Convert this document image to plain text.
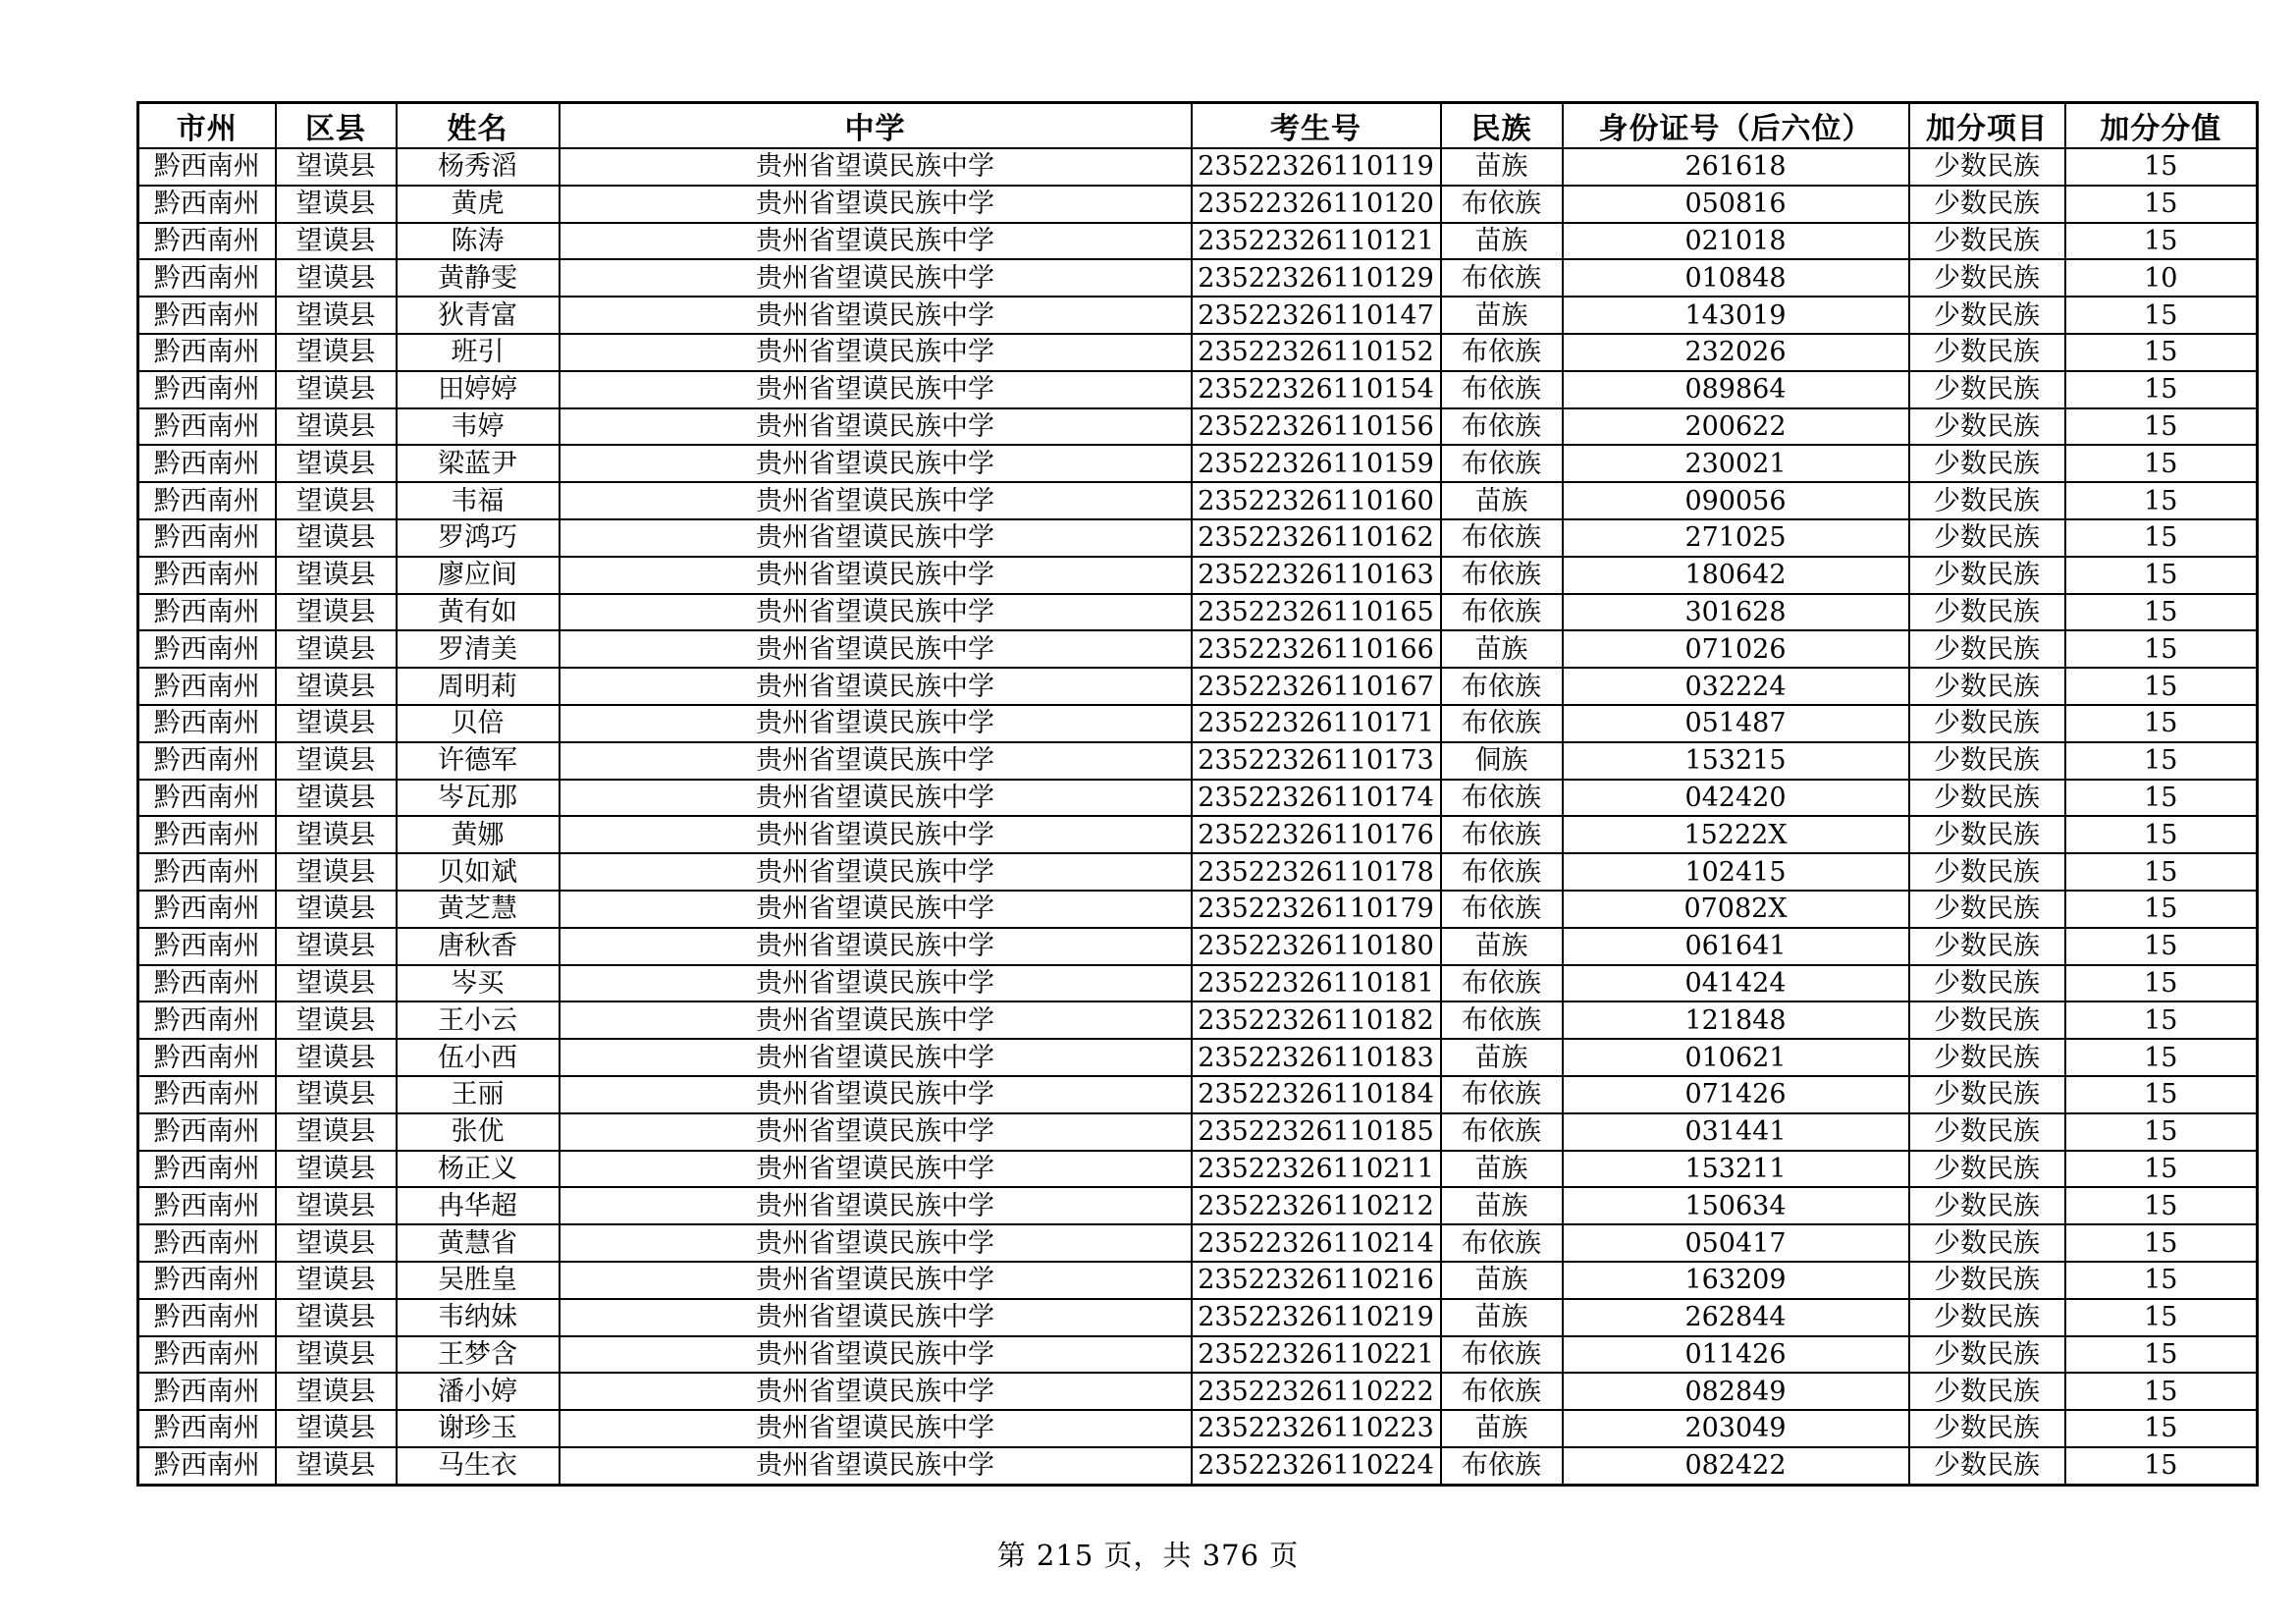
市州	区县	姓名	中学	考生号	民族	身份证号（后六位）	加分项目	加分分值
黔西南州	望谟县	杨秀滔	贵州省望谟民族中学	23522326110119	苗族	261618	少数民族	15
黔西南州	望谟县	黄虎	贵州省望谟民族中学	23522326110120	布依族	050816	少数民族	15
黔西南州	望谟县	陈涛	贵州省望谟民族中学	23522326110121	苗族	021018	少数民族	15
黔西南州	望谟县	黄静雯	贵州省望谟民族中学	23522326110129	布依族	010848	少数民族	10
黔西南州	望谟县	狄青富	贵州省望谟民族中学	23522326110147	苗族	143019	少数民族	15
黔西南州	望谟县	班引	贵州省望谟民族中学	23522326110152	布依族	232026	少数民族	15
黔西南州	望谟县	田婷婷	贵州省望谟民族中学	23522326110154	布依族	089864	少数民族	15
黔西南州	望谟县	韦婷	贵州省望谟民族中学	23522326110156	布依族	200622	少数民族	15
黔西南州	望谟县	梁蓝尹	贵州省望谟民族中学	23522326110159	布依族	230021	少数民族	15
黔西南州	望谟县	韦福	贵州省望谟民族中学	23522326110160	苗族	090056	少数民族	15
黔西南州	望谟县	罗鸿巧	贵州省望谟民族中学	23522326110162	布依族	271025	少数民族	15
黔西南州	望谟县	廖应间	贵州省望谟民族中学	23522326110163	布依族	180642	少数民族	15
黔西南州	望谟县	黄有如	贵州省望谟民族中学	23522326110165	布依族	301628	少数民族	15
黔西南州	望谟县	罗清美	贵州省望谟民族中学	23522326110166	苗族	071026	少数民族	15
黔西南州	望谟县	周明莉	贵州省望谟民族中学	23522326110167	布依族	032224	少数民族	15
黔西南州	望谟县	贝倍	贵州省望谟民族中学	23522326110171	布依族	051487	少数民族	15
黔西南州	望谟县	许德军	贵州省望谟民族中学	23522326110173	侗族	153215	少数民族	15
黔西南州	望谟县	岑瓦那	贵州省望谟民族中学	23522326110174	布依族	042420	少数民族	15
黔西南州	望谟县	黄娜	贵州省望谟民族中学	23522326110176	布依族	15222X	少数民族	15
黔西南州	望谟县	贝如斌	贵州省望谟民族中学	23522326110178	布依族	102415	少数民族	15
黔西南州	望谟县	黄芝慧	贵州省望谟民族中学	23522326110179	布依族	07082X	少数民族	15
黔西南州	望谟县	唐秋香	贵州省望谟民族中学	23522326110180	苗族	061641	少数民族	15
黔西南州	望谟县	岑买	贵州省望谟民族中学	23522326110181	布依族	041424	少数民族	15
黔西南州	望谟县	王小云	贵州省望谟民族中学	23522326110182	布依族	121848	少数民族	15
黔西南州	望谟县	伍小西	贵州省望谟民族中学	23522326110183	苗族	010621	少数民族	15
黔西南州	望谟县	王丽	贵州省望谟民族中学	23522326110184	布依族	071426	少数民族	15
黔西南州	望谟县	张优	贵州省望谟民族中学	23522326110185	布依族	031441	少数民族	15
黔西南州	望谟县	杨正义	贵州省望谟民族中学	23522326110211	苗族	153211	少数民族	15
黔西南州	望谟县	冉华超	贵州省望谟民族中学	23522326110212	苗族	150634	少数民族	15
黔西南州	望谟县	黄慧省	贵州省望谟民族中学	23522326110214	布依族	050417	少数民族	15
黔西南州	望谟县	吴胜皇	贵州省望谟民族中学	23522326110216	苗族	163209	少数民族	15
黔西南州	望谟县	韦纳妹	贵州省望谟民族中学	23522326110219	苗族	262844	少数民族	15
黔西南州	望谟县	王梦含	贵州省望谟民族中学	23522326110221	布依族	011426	少数民族	15
黔西南州	望谟县	潘小婷	贵州省望谟民族中学	23522326110222	布依族	082849	少数民族	15
黔西南州	望谟县	谢珍玉	贵州省望谟民族中学	23522326110223	苗族	203049	少数民族	15
黔西南州	望谟县	马生衣	贵州省望谟民族中学	23522326110224	布依族	082422	少数民族	15
第 215 页，共 376 页
